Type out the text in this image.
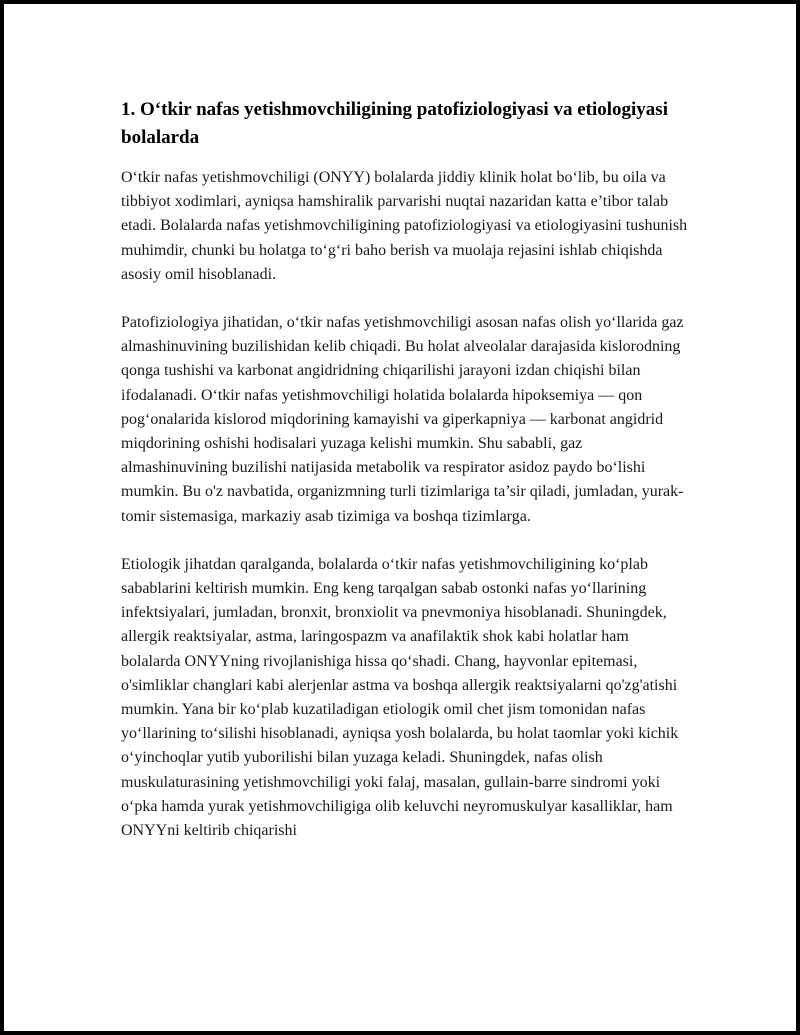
1. O‘tkir nafas yetishmovchiligining patofiziologiyasi va etiologiyasi bolalarda

O‘tkir nafas yetishmovchiligi (ONYY) bolalarda jiddiy klinik holat bo‘lib, bu oila va tibbiyot xodimlari, ayniqsa hamshiralik parvarishi nuqtai nazaridan katta e’tibor talab etadi. Bolalarda nafas yetishmovchiligining patofiziologiyasi va etiologiyasini tushunish muhimdir, chunki bu holatga to‘g‘ri baho berish va muolaja rejasini ishlab chiqishda asosiy omil hisoblanadi.

Patofiziologiya jihatidan, o‘tkir nafas yetishmovchiligi asosan nafas olish yo‘llarida gaz almashinuvining buzilishidan kelib chiqadi. Bu holat alveolalar darajasida kislorodning qonga tushishi va karbonat angidridning chiqarilishi jarayoni izdan chiqishi bilan ifodalanadi. O‘tkir nafas yetishmovchiligi holatida bolalarda hipoksemiya — qon pog‘onalarida kislorod miqdorining kamayishi va giperkapniya — karbonat angidrid miqdorining oshishi hodisalari yuzaga kelishi mumkin. Shu sababli, gaz almashinuvining buzilishi natijasida metabolik va respirator asidoz paydo bo‘lishi mumkin. Bu o'z navbatida, organizmning turli tizimlariga ta’sir qiladi, jumladan, yurak-tomir sistemasiga, markaziy asab tizimiga va boshqa tizimlarga.

Etiologik jihatdan qaralganda, bolalarda o‘tkir nafas yetishmovchiligining ko‘plab sabablarini keltirish mumkin. Eng keng tarqalgan sabab ostonki nafas yo‘llarining infektsiyalari, jumladan, bronxit, bronxiolit va pnevmoniya hisoblanadi. Shuningdek, allergik reaktsiyalar, astma, laringospazm va anafilaktik shok kabi holatlar ham bolalarda ONYYning rivojlanishiga hissa qo‘shadi. Chang, hayvonlar epitemasi, o'simliklar changlari kabi alerjenlar astma va boshqa allergik reaktsiyalarni qo'zg'atishi mumkin. Yana bir ko‘plab kuzatiladigan etiologik omil chet jism tomonidan nafas yo‘llarining to‘silishi hisoblanadi, ayniqsa yosh bolalarda, bu holat taomlar yoki kichik o‘yinchoqlar yutib yuborilishi bilan yuzaga keladi. Shuningdek, nafas olish muskulaturasining yetishmovchiligi yoki falaj, masalan, gullain-barre sindromi yoki o‘pka hamda yurak yetishmovchiligiga olib keluvchi neyromuskulyar kasalliklar, ham ONYYni keltirib chiqarishi
